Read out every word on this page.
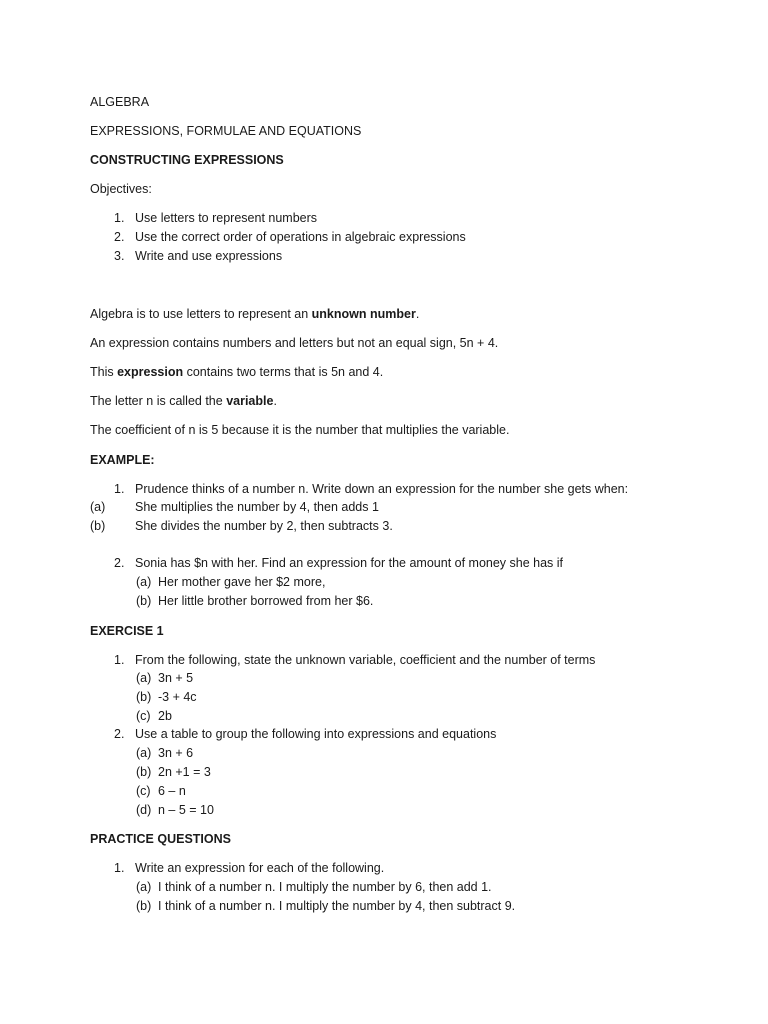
ALGEBRA
EXPRESSIONS, FORMULAE AND EQUATIONS
CONSTRUCTING EXPRESSIONS
Objectives:
1. Use letters to represent numbers
2. Use the correct order of operations in algebraic expressions
3. Write and use expressions
Algebra is to use letters to represent an unknown number.
An expression contains numbers and letters but not an equal sign, 5n + 4.
This expression contains two terms that is 5n and 4.
The letter n is called the variable.
The coefficient of n is 5 because it is the number that multiplies the variable.
EXAMPLE:
1. Prudence thinks of a number n. Write down an expression for the number she gets when:
(a) She multiplies the number by 4, then adds 1
(b) She divides the number by 2, then subtracts 3.
2. Sonia has $n with her. Find an expression for the amount of money she has if
(a) Her mother gave her $2 more,
(b) Her little brother borrowed from her $6.
EXERCISE 1
1. From the following, state the unknown variable, coefficient and the number of terms
(a) 3n + 5
(b) -3 + 4c
(c) 2b
2. Use a table to group the following into expressions and equations
(a) 3n + 6
(b) 2n +1 = 3
(c) 6 – n
(d) n – 5 = 10
PRACTICE QUESTIONS
1. Write an expression for each of the following.
(a) I think of a number n. I multiply the number by 6, then add 1.
(b) I think of a number n. I multiply the number by 4, then subtract 9.
